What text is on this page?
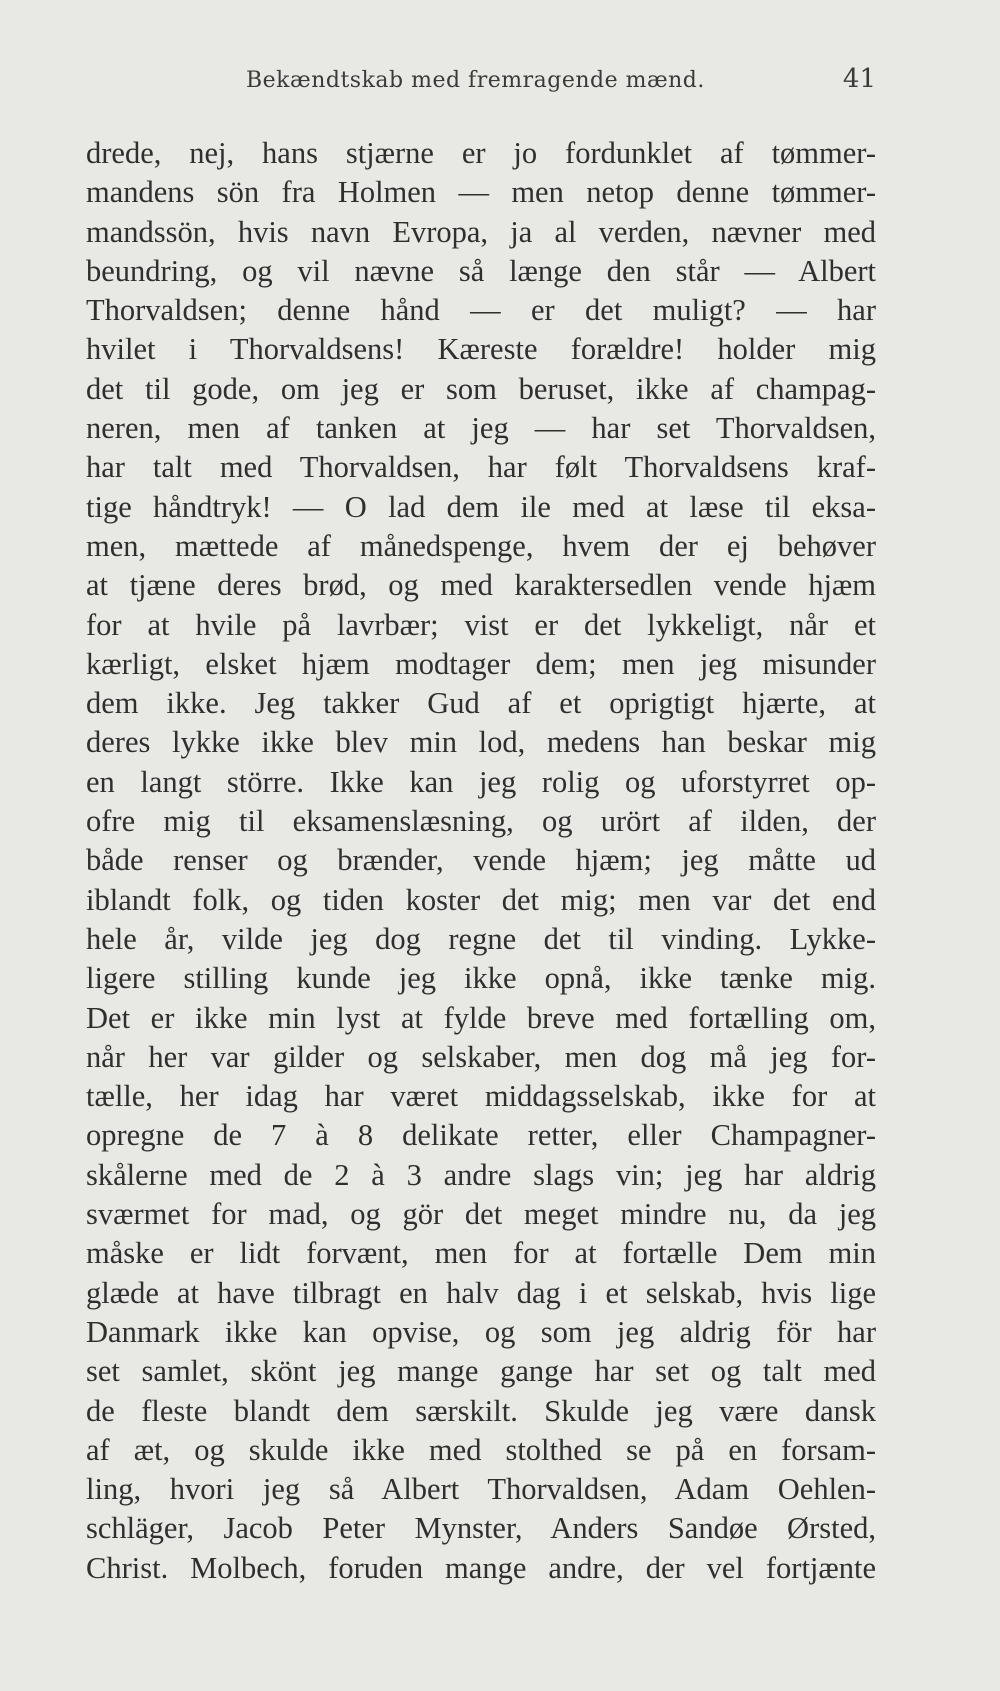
Bekændtskab med fremragende mænd.	41
drede, nej, hans stjærne er jo fordunklet af tømmer-
mandens sön fra Holmen — men netop denne tømmer-
mandssön, hvis navn Evropa, ja al verden, nævner med
beundring, og vil nævne så længe den står — Albert
Thorvaldsen; denne hånd — er det muligt? — har
hvilet i Thorvaldsens! Kæreste forældre! holder mig
det til gode, om jeg er som beruset, ikke af champag-
neren, men af tanken at jeg — har set Thorvaldsen,
har talt med Thorvaldsen, har følt Thorvaldsens kraf-
tige håndtryk! — O lad dem ile med at læse til eksa-
men, mættede af månedspenge, hvem der ej behøver
at tjæne deres brød, og med karaktersedlen vende hjæm
for at hvile på lavrbær; vist er det lykkeligt, når et
kærligt, elsket hjæm modtager dem; men jeg misunder
dem ikke. Jeg takker Gud af et oprigtigt hjærte, at
deres lykke ikke blev min lod, medens han beskar mig
en langt större. Ikke kan jeg rolig og uforstyrret op-
ofre mig til eksamenslæsning, og urört af ilden, der
både renser og brænder, vende hjæm; jeg måtte ud
iblandt folk, og tiden koster det mig; men var det end
hele år, vilde jeg dog regne det til vinding. Lykke-
ligere stilling kunde jeg ikke opnå, ikke tænke mig.
Det er ikke min lyst at fylde breve med fortælling om,
når her var gilder og selskaber, men dog må jeg for-
tælle, her idag har været middagsselskab, ikke for at
opregne de 7 à 8 delikate retter, eller Champagner-
skålerne med de 2 à 3 andre slags vin; jeg har aldrig
sværmet for mad, og gör det meget mindre nu, da jeg
måske er lidt forvænt, men for at fortælle Dem min
glæde at have tilbragt en halv dag i et selskab, hvis lige
Danmark ikke kan opvise, og som jeg aldrig för har
set samlet, skönt jeg mange gange har set og talt med
de fleste blandt dem særskilt. Skulde jeg være dansk
af æt, og skulde ikke med stolthed se på en forsam-
ling, hvori jeg så Albert Thorvaldsen, Adam Oehlen-
schläger, Jacob Peter Mynster, Anders Sandøe Ørsted,
Christ. Molbech, foruden mange andre, der vel fortjænte
